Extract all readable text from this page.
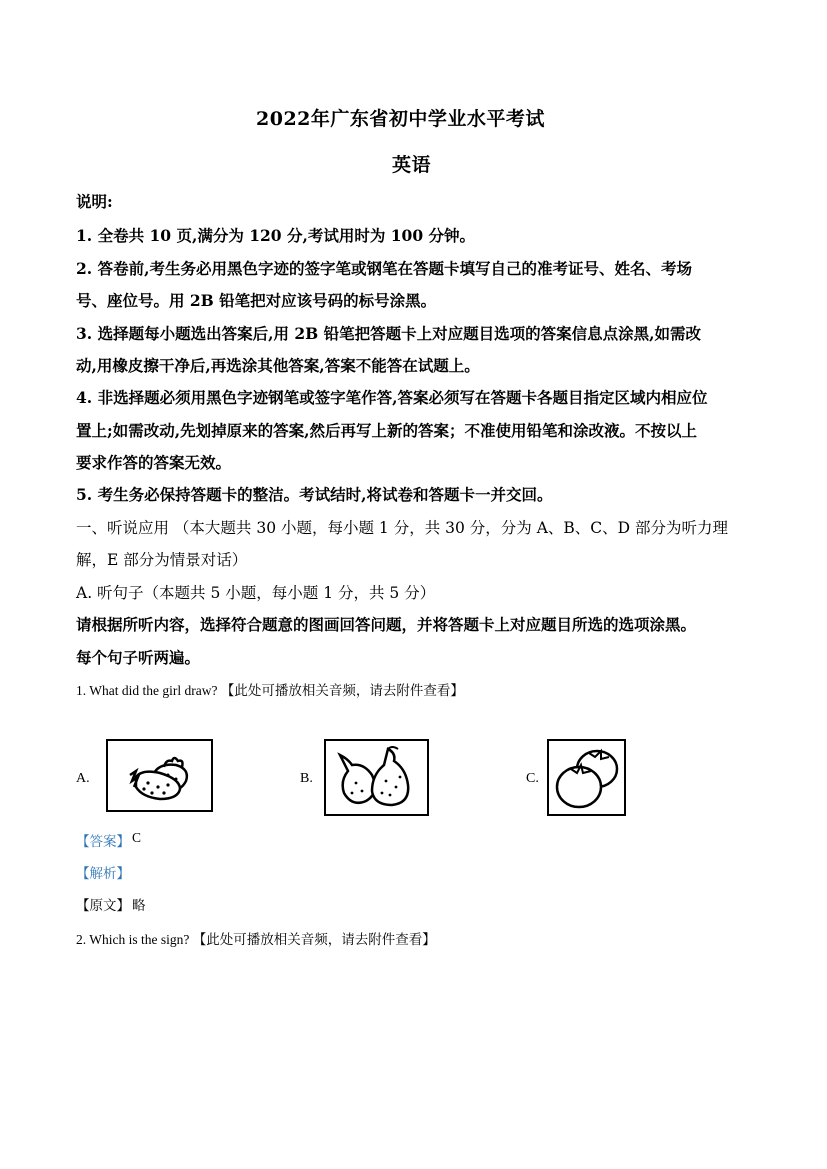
2022年广东省初中学业水平考试
英语
说明:
1. 全卷共 10 页,满分为 120 分,考试用时为 100 分钟。
2. 答卷前,考生务必用黑色字迹的签字笔或钢笔在答题卡填写自己的准考证号、姓名、考场
号、座位号。用 2B 铅笔把对应该号码的标号涂黑。
3. 选择题每小题选出答案后,用 2B 铅笔把答题卡上对应题目选项的答案信息点涂黑,如需改
动,用橡皮擦干净后,再选涂其他答案,答案不能答在试题上。
4. 非选择题必须用黑色字迹钢笔或签字笔作答,答案必须写在答题卡各题目指定区域内相应位
置上;如需改动,先划掉原来的答案,然后再写上新的答案；不准使用铅笔和涂改液。不按以上
要求作答的答案无效。
5. 考生务必保持答题卡的整洁。考试结时,将试卷和答题卡一并交回。
一、听说应用 （本大题共 30 小题，每小题 1 分，共 30 分，分为 A、B、C、D 部分为听力理
解，E 部分为情景对话）
A. 听句子（本题共 5 小题，每小题 1 分，共 5 分）
请根据所听内容，选择符合题意的图画回答问题，并将答题卡上对应题目所选的选项涂黑。
每个句子听两遍。
1. What did the girl draw? 【此处可播放相关音频，请去附件查看】
A.	B.	C.
【答案】 C
【解析】
【原文】 略
2. Which is the sign? 【此处可播放相关音频，请去附件查看】
